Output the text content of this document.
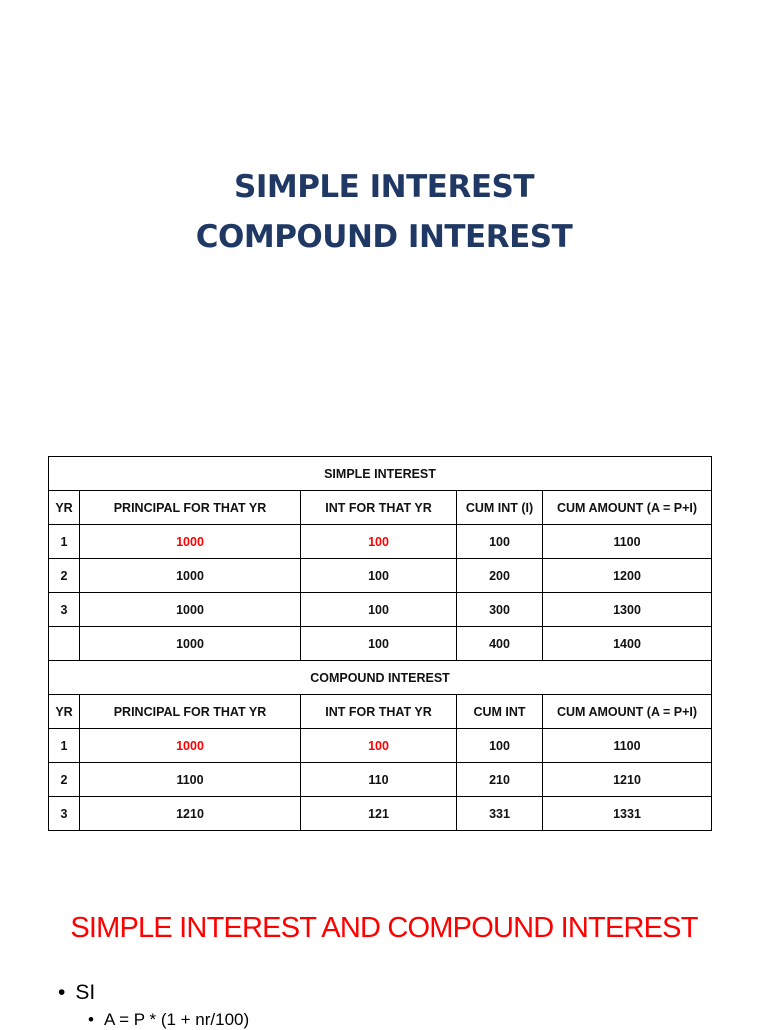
SIMPLE INTEREST
COMPOUND INTEREST
SIMPLE INTEREST				
YR	PRINCIPAL FOR THAT YR	INT FOR THAT YR	CUM INT (I)	CUM AMOUNT (A = P+I)
1	1000	100	100	1100
2	1000	100	200	1200
3	1000	100	300	1300
	1000	100	400	1400
COMPOUND INTEREST				
YR	PRINCIPAL FOR THAT YR	INT FOR THAT YR	CUM INT	CUM AMOUNT (A = P+I)
1	1000	100	100	1100
2	1100	110	210	1210
3	1210	121	331	1331
SIMPLE INTEREST AND COMPOUND INTEREST
• SI
• A = P * (1 + nr/100)
